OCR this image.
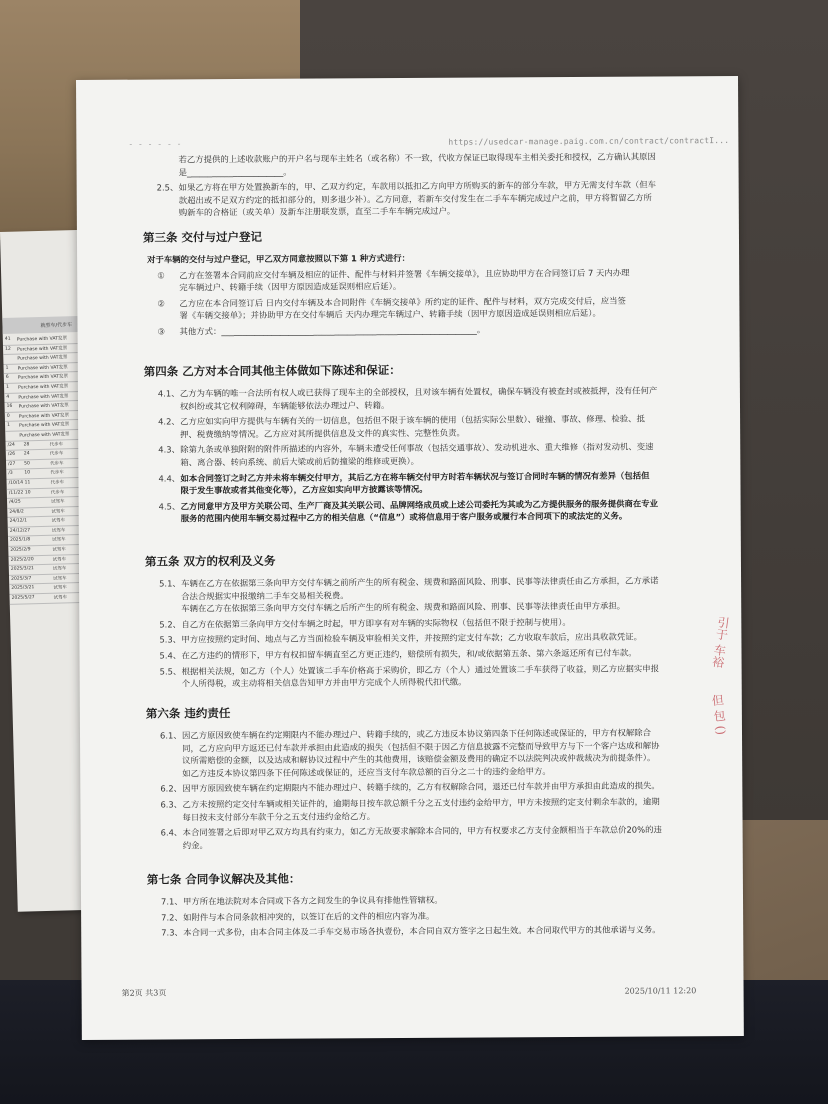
就型车/代步车
41 Purchase with VAT发票
12 Purchase with VAT发票
Purchase with VAT发票
1 Purchase with VAT发票
6 Purchase with VAT发票
1 Purchase with VAT发票
4 Purchase with VAT发票
16 Purchase with VAT发票
0 Purchase with VAT发票
1 Purchase with VAT发票
Purchase with VAT发票
/24 28	代步车
/26 24	代步车
/27 50	代步车
/3	10	代步车
/10/14 11	代步车
/11/22 10	代步车
/4/25	试驾车
24/8/2	试驾车
24/12/1	试驾车
24/12/27	试驾车
2025/1/8	试驾车
2025/2/9	试驾车
2025/2/20	试驾车
2025/3/21	试驾车
2025/3/7	试驾车
2025/3/21	试驾车
2025/5/27	试驾车
- - - - - -	https://usedcar-manage.paig.com.cn/contract/contractI...
若乙方提供的上述收款账户的开户名与现车主姓名（或名称）不一致，代收方保证已取得现车主相关委托和授权，乙方确认其原因
是_______________________。
2.5、 如果乙方将在甲方处置换新车的，甲、乙双方约定，车款用以抵扣乙方向甲方所购买的新车的部分车款，甲方无需支付车款（但车
款超出或不足双方约定的抵扣部分的，则多退少补）。乙方同意，若新车交付发生在二手车车辆完成过户之前，甲方将暂留乙方所
购新车的合格证（或关单）及新车注册联发票，直至二手车车辆完成过户。
第三条 交付与过户登记
对于车辆的交付与过户登记，甲乙双方同意按照以下第 1 种方式进行：
① 乙方在签署本合同前应交付车辆及相应的证件、配件与材料并签署《车辆交接单》，且应协助甲方在合同签订后 7 天内办理
完车辆过户、转籍手续（因甲方原因造成延误则相应后延）。
② 乙方应在本合同签订后 日内交付车辆及本合同附件《车辆交接单》所约定的证件、配件与材料，双方完成交付后，应当签
署《车辆交接单》；并协助甲方在交付车辆后 天内办理完车辆过户、转籍手续（因甲方原因造成延误则相应后延）。
③ 其他方式：_____________________________________________________________。
第四条 乙方对本合同其他主体做如下陈述和保证：
4.1、 乙方为车辆的唯一合法所有权人或已获得了现车主的全部授权，且对该车辆有处置权，确保车辆没有被查封或被抵押，没有任何产
权纠纷或其它权利障碍，车辆能够依法办理过户、转籍。
4.2、 乙方应如实向甲方提供与车辆有关的一切信息，包括但不限于该车辆的使用（包括实际公里数）、碰撞、事故、修理、检验、抵
押、税费缴纳等情况。乙方应对其所提供信息及文件的真实性、完整性负责。
4.3、 除第九条或单独附附的附件所描述的内容外，车辆未遭受任何事故（包括交通事故）、发动机进水、重大维修（指对发动机、变速
箱、离合器、转向系统、前后大梁或前后防撞梁的维修或更换）。
4.4、 如本合同签订之时乙方并未将车辆交付甲方，其后乙方在将车辆交付甲方时若车辆状况与签订合同时车辆的情况有差异（包括但
限于发生事故或者其他变化等），乙方应如实向甲方披露该等情况。
4.5、 乙方同意甲方及甲方关联公司、生产厂商及其关联公司、品牌网络成员或上述公司委托为其或为乙方提供服务的服务提供商在专业
服务的范围内使用车辆交易过程中乙方的相关信息（“信息”）或将信息用于客户服务或履行本合同项下的或法定的义务。
第五条 双方的权利及义务
5.1、 车辆在乙方在依据第三条向甲方交付车辆之前所产生的所有税金、规费和路面风险、刑事、民事等法律责任由乙方承担，乙方承诺
合法合规据实申报缴纳二手车交易相关税费。
车辆在乙方在依据第三条向甲方交付车辆之后所产生的所有税金、规费和路面风险、刑事、民事等法律责任由甲方承担。
5.2、 自乙方在依据第三条向甲方交付车辆之时起，甲方即享有对车辆的实际物权（包括但不限于控制与使用）。
5.3、 甲方应按照约定时间、地点与乙方当面检验车辆及审验相关文件，并按照约定支付车款；乙方收取车款后，应出具收款凭证。
5.4、 在乙方违约的情形下，甲方有权扣留车辆直至乙方更正违约，赔偿所有损失，和/或依据第五条、第六条返还所有已付车款。
5.5、 根据相关法规，如乙方（个人）处置该二手车价格高于采购价，即乙方（个人）通过处置该二手车获得了收益，则乙方应据实申报
个人所得税，或主动将相关信息告知甲方并由甲方完成个人所得税代扣代缴。
第六条 违约责任
6.1、 因乙方原因致使车辆在约定期限内不能办理过户、转籍手续的，或乙方违反本协议第四条下任何陈述或保证的，甲方有权解除合
同，乙方应向甲方返还已付车款并承担由此造成的损失（包括但不限于因乙方信息披露不完整而导致甲方与下一个客户达成和解协
议所需赔偿的金额，以及达成和解协议过程中产生的其他费用，该赔偿金额及费用的确定不以法院判决或仲裁裁决为前提条件）。
如乙方违反本协议第四条下任何陈述或保证的，还应当支付车款总额的百分之二十的违约金给甲方。
6.2、 因甲方原因致使车辆在约定期限内不能办理过户、转籍手续的，乙方有权解除合同，退还已付车款并由甲方承担由此造成的损失。
6.3、 乙方未按照约定交付车辆或相关证件的，逾期每日按车款总额千分之五支付违约金给甲方，甲方未按照约定支付剩余车款的，逾期
每日按未支付部分车款千分之五支付违约金给乙方。
6.4、 本合同签署之后即对甲乙双方均具有约束力，如乙方无故要求解除本合同的，甲方有权要求乙方支付金额相当于车款总价20%的违
约金。
第七条 合同争议解决及其他：
7.1、 甲方所在地法院对本合同或下各方之间发生的争议具有排他性管辖权。
7.2、 如附件与本合同条款相冲突的，以签订在后的文件的相应内容为准。
7.3、 本合同一式多份，由本合同主体及二手车交易市场各执壹份，本合同自双方签字之日起生效。本合同取代甲方的其他承诺与义务。
第2页 共3页	2025/10/11 12:20
引于 车裕
但 包 ()
